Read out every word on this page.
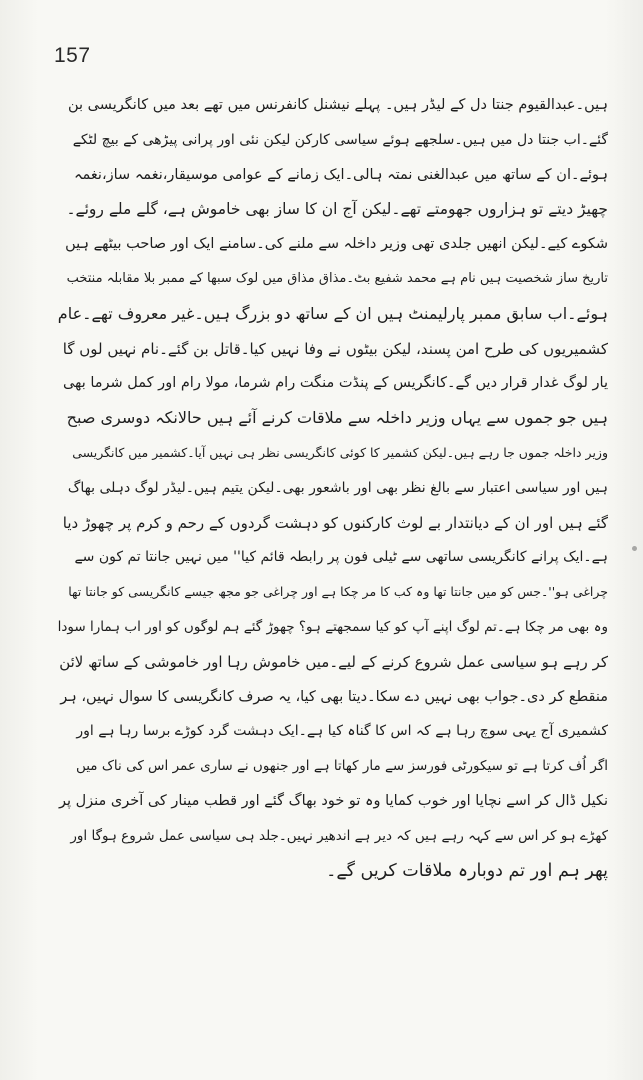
157
ہیں۔عبدالقیوم جنتا دل کے لیڈر ہیں۔ پہلے نیشنل کانفرنس میں تھے بعد میں کانگریسی بن
گئے۔اب جنتا دل میں ہیں۔سلجھے ہوئے سیاسی کارکن لیکن نئی اور پرانی پیڑھی کے بیچ لٹکے
ہوئے۔ان کے ساتھ میں عبدالغنی نمتہ ہالی۔ایک زمانے کے عوامی موسیقار،نغمہ ساز،نغمہ
چھیڑ دیتے تو ہزاروں جھومتے تھے۔لیکن آج ان کا ساز بھی خاموش ہے، گلے ملے روئے۔
شکوے کیے۔لیکن انھیں جلدی تھی وزیر داخلہ سے ملنے کی۔سامنے ایک اور صاحب بیٹھے ہیں
تاریخ ساز شخصیت ہیں نام ہے محمد شفیع بٹ۔مذاق مذاق میں لوک سبھا کے ممبر بلا مقابلہ منتخب
ہوئے۔اب سابق ممبر پارلیمنٹ ہیں ان کے ساتھ دو بزرگ ہیں۔غیر معروف تھے۔عام
کشمیریوں کی طرح امن پسند، لیکن بیٹوں نے وفا نہیں کیا۔قاتل بن گئے۔نام نہیں لوں گا
یار لوگ غدار قرار دیں گے۔کانگریس کے پنڈت منگت رام شرما، مولا رام اور کمل شرما بھی
ہیں جو جموں سے یہاں وزیر داخلہ سے ملاقات کرنے آئے ہیں حالانکہ دوسری صبح
وزیر داخلہ جموں جا رہے ہیں۔لیکن کشمیر کا کوئی کانگریسی نظر ہی نہیں آیا۔کشمیر میں کانگریسی
ہیں اور سیاسی اعتبار سے بالغ نظر بھی اور باشعور بھی۔لیکن یتیم ہیں۔لیڈر لوگ دہلی بھاگ
گئے ہیں اور ان کے دیانتدار بے لوث کارکنوں کو دہشت گردوں کے رحم و کرم پر چھوڑ دیا
ہے۔ایک پرانے کانگریسی ساتھی سے ٹیلی فون پر رابطہ قائم کیا'' میں نہیں جانتا تم کون سے
چراغی ہو''۔جس کو میں جانتا تھا وہ کب کا مر چکا ہے اور چراغی جو مجھ جیسے کانگریسی کو جانتا تھا
وہ بھی مر چکا ہے۔تم لوگ اپنے آپ کو کیا سمجھتے ہو؟ چھوڑ گئے ہم لوگوں کو اور اب ہمارا سودا
کر رہے ہو سیاسی عمل شروع کرنے کے لیے۔میں خاموش رہا اور خاموشی کے ساتھ لائن
منقطع کر دی۔جواب بھی نہیں دے سکا۔دیتا بھی کیا، یہ صرف کانگریسی کا سوال نہیں، ہر
کشمیری آج یہی سوچ رہا ہے کہ اس کا گناہ کیا ہے۔ایک دہشت گرد کوڑے برسا رہا ہے اور
اگر اُف کرتا ہے تو سیکورٹی فورسز سے مار کھاتا ہے اور جنھوں نے ساری عمر اس کی ناک میں
نکیل ڈال کر اسے نچایا اور خوب کمایا وہ تو خود بھاگ گئے اور قطب مینار کی آخری منزل پر
کھڑے ہو کر اس سے کہہ رہے ہیں کہ دیر ہے اندھیر نہیں۔جلد ہی سیاسی عمل شروع ہوگا اور
پھر ہم اور تم دوبارہ ملاقات کریں گے۔
